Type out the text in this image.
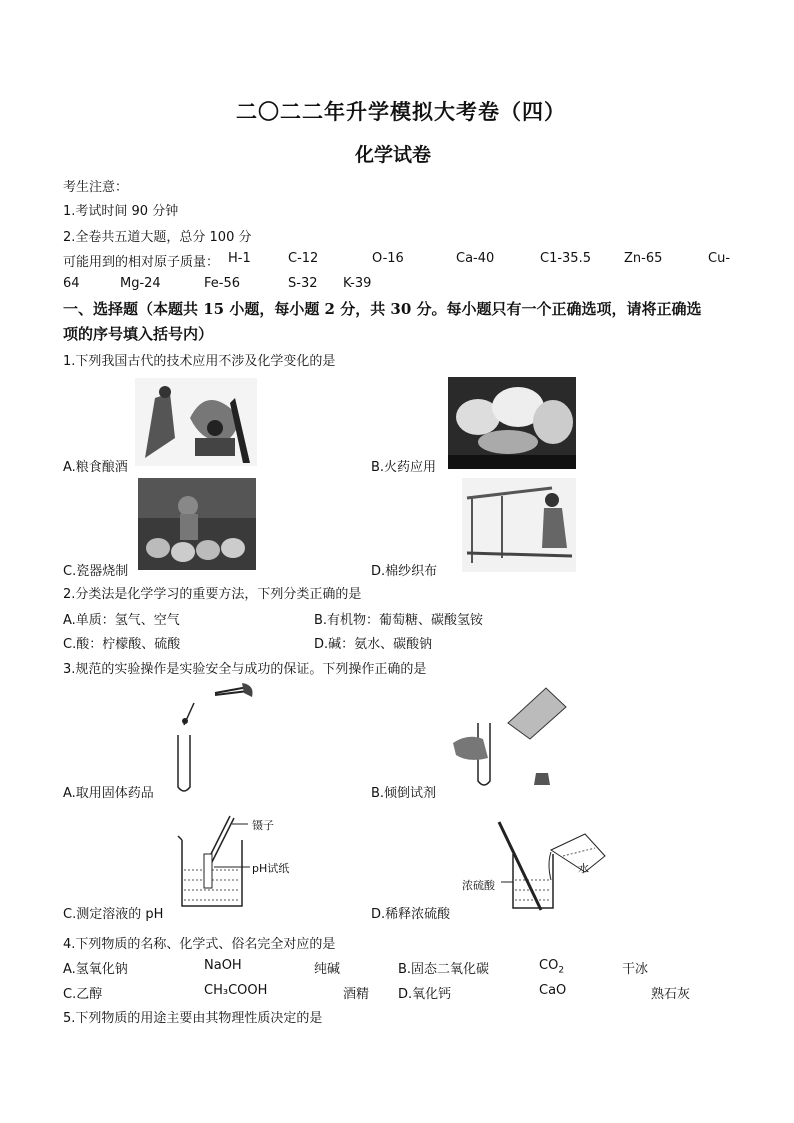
二〇二二年升学模拟大考卷（四）
化学试卷
考生注意：
1.考试时间 90 分钟
2.全卷共五道大题，总分 100 分
可能用到的相对原子质量： H-1	C-12	O-16	Ca-40	C1-35.5	Zn-65	Cu-
64	Mg-24	Fe-56	S-32 K-39
一、选择题（本题共 15 小题，每小题 2 分，共 30 分。每小题只有一个正确选项，请将正确选
项的序号填入括号内）
1.下列我国古代的技术应用不涉及化学变化的是
A.粮食酿酒	B.火药应用
C.瓷器烧制	D.棉纱织布
2.分类法是化学学习的重要方法，下列分类正确的是
A.单质：氢气、空气	B.有机物：葡萄糖、碳酸氢铵
C.酸：柠檬酸、硫酸	D.碱：氨水、碳酸钠
3.规范的实验操作是实验安全与成功的保证。下列操作正确的是
A.取用固体药品	B.倾倒试剂
镊子
pH试纸
C.测定溶液的 pH
浓硫酸
水
D.稀释浓硫酸
4.下列物质的名称、化学式、俗名完全对应的是
A.氢氧化钠	NaOH	纯碱	B.固态二氧化碳	$CO_2$	干冰
C.乙醇	CH₃COOH	酒精 D.氧化钙	CaO	熟石灰
5.下列物质的用途主要由其物理性质决定的是
